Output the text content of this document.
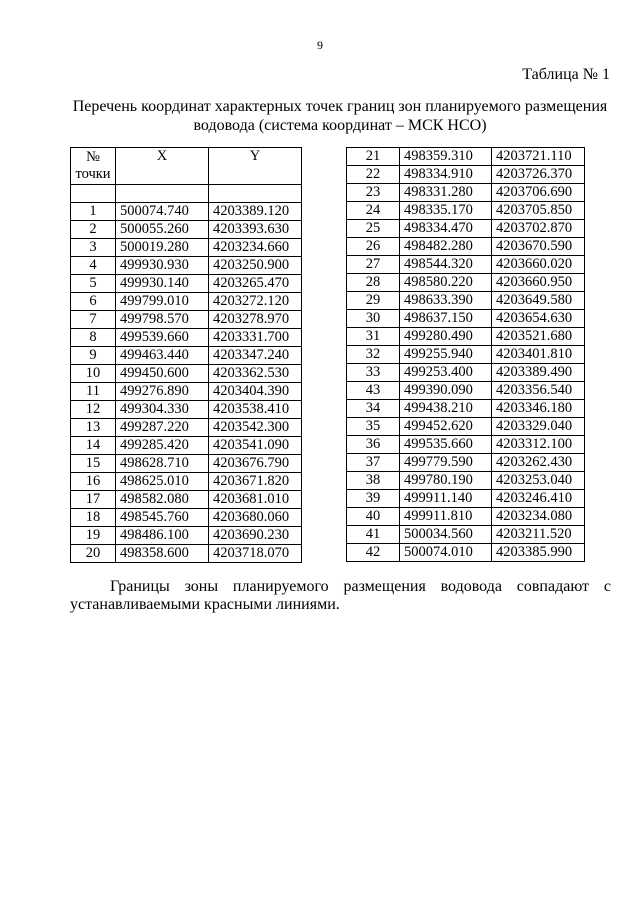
9
Таблица № 1
Перечень координат характерных точек границ зон планируемого размещения водовода (система координат – МСК НСО)
№
точки	X	Y

1	500074.740	4203389.120
2	500055.260	4203393.630
3	500019.280	4203234.660
4	499930.930	4203250.900
5	499930.140	4203265.470
6	499799.010	4203272.120
7	499798.570	4203278.970
8	499539.660	4203331.700
9	499463.440	4203347.240
10	499450.600	4203362.530
11	499276.890	4203404.390
12	499304.330	4203538.410
13	499287.220	4203542.300
14	499285.420	4203541.090
15	498628.710	4203676.790
16	498625.010	4203671.820
17	498582.080	4203681.010
18	498545.760	4203680.060
19	498486.100	4203690.230
20	498358.600	4203718.070
21	498359.310	4203721.110
22	498334.910	4203726.370
23	498331.280	4203706.690
24	498335.170	4203705.850
25	498334.470	4203702.870
26	498482.280	4203670.590
27	498544.320	4203660.020
28	498580.220	4203660.950
29	498633.390	4203649.580
30	498637.150	4203654.630
31	499280.490	4203521.680
32	499255.940	4203401.810
33	499253.400	4203389.490
43	499390.090	4203356.540
34	499438.210	4203346.180
35	499452.620	4203329.040
36	499535.660	4203312.100
37	499779.590	4203262.430
38	499780.190	4203253.040
39	499911.140	4203246.410
40	499911.810	4203234.080
41	500034.560	4203211.520
42	500074.010	4203385.990
Границы зоны планируемого размещения водовода совпадают с
устанавливаемыми красными линиями.
